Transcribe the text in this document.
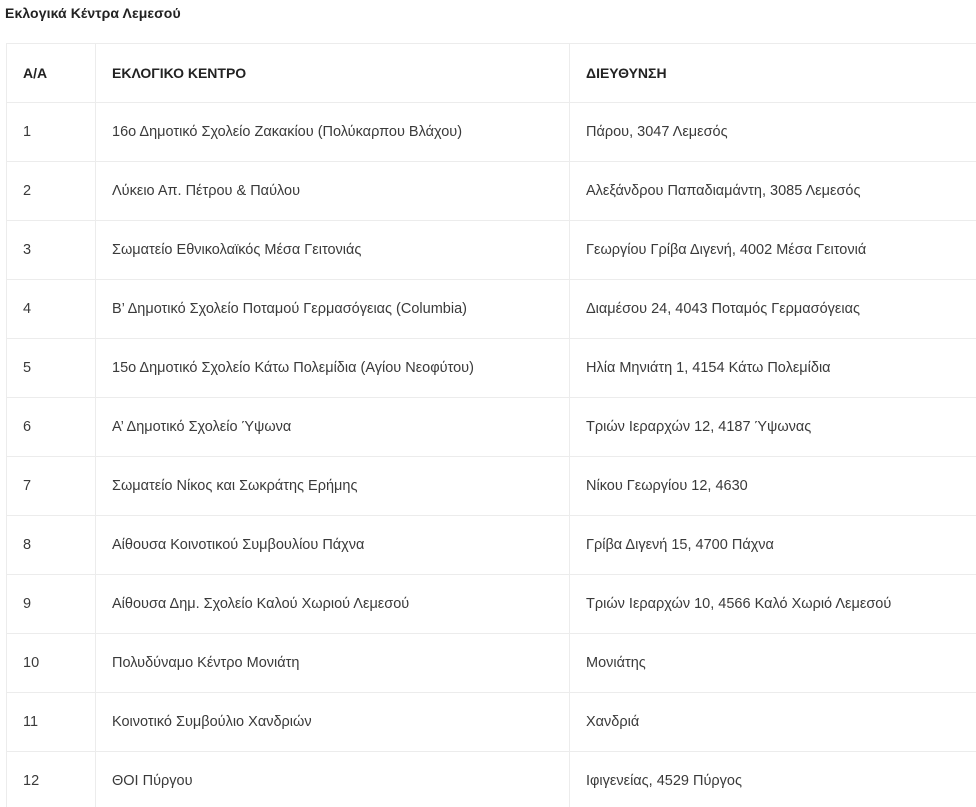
Εκλογικά Κέντρα Λεμεσού
Α/Α	ΕΚΛΟΓΙΚΟ ΚΕΝΤΡΟ	ΔΙΕΥΘΥΝΣΗ
1	16ο Δημοτικό Σχολείο Ζακακίου (Πολύκαρπου Βλάχου)	Πάρου, 3047 Λεμεσός
2	Λύκειο Απ. Πέτρου & Παύλου	Αλεξάνδρου Παπαδιαμάντη, 3085 Λεμεσός
3	Σωματείο Εθνικολαϊκός Μέσα Γειτονιάς	Γεωργίου Γρίβα Διγενή, 4002 Μέσα Γειτονιά
4	Β’ Δημοτικό Σχολείο Ποταμού Γερμασόγειας (Columbia)	Διαμέσου 24, 4043 Ποταμός Γερμασόγειας
5	15ο Δημοτικό Σχολείο Κάτω Πολεμίδια (Αγίου Νεοφύτου)	Ηλία Μηνιάτη 1, 4154 Κάτω Πολεμίδια
6	Α’ Δημοτικό Σχολείο Ύψωνα	Τριών Ιεραρχών 12, 4187 Ύψωνας
7	Σωματείο Νίκος και Σωκράτης Ερήμης	Νίκου Γεωργίου 12, 4630
8	Αίθουσα Κοινοτικού Συμβουλίου Πάχνα	Γρίβα Διγενή 15, 4700 Πάχνα
9	Αίθουσα Δημ. Σχολείο Καλού Χωριού Λεμεσού	Τριών Ιεραρχών 10, 4566 Καλό Χωριό Λεμεσού
10	Πολυδύναμο Κέντρο Μονιάτη	Μονιάτης
11	Κοινοτικό Συμβούλιο Χανδριών	Χανδριά
12	ΘΟΙ Πύργου	Ιφιγενείας, 4529 Πύργος
